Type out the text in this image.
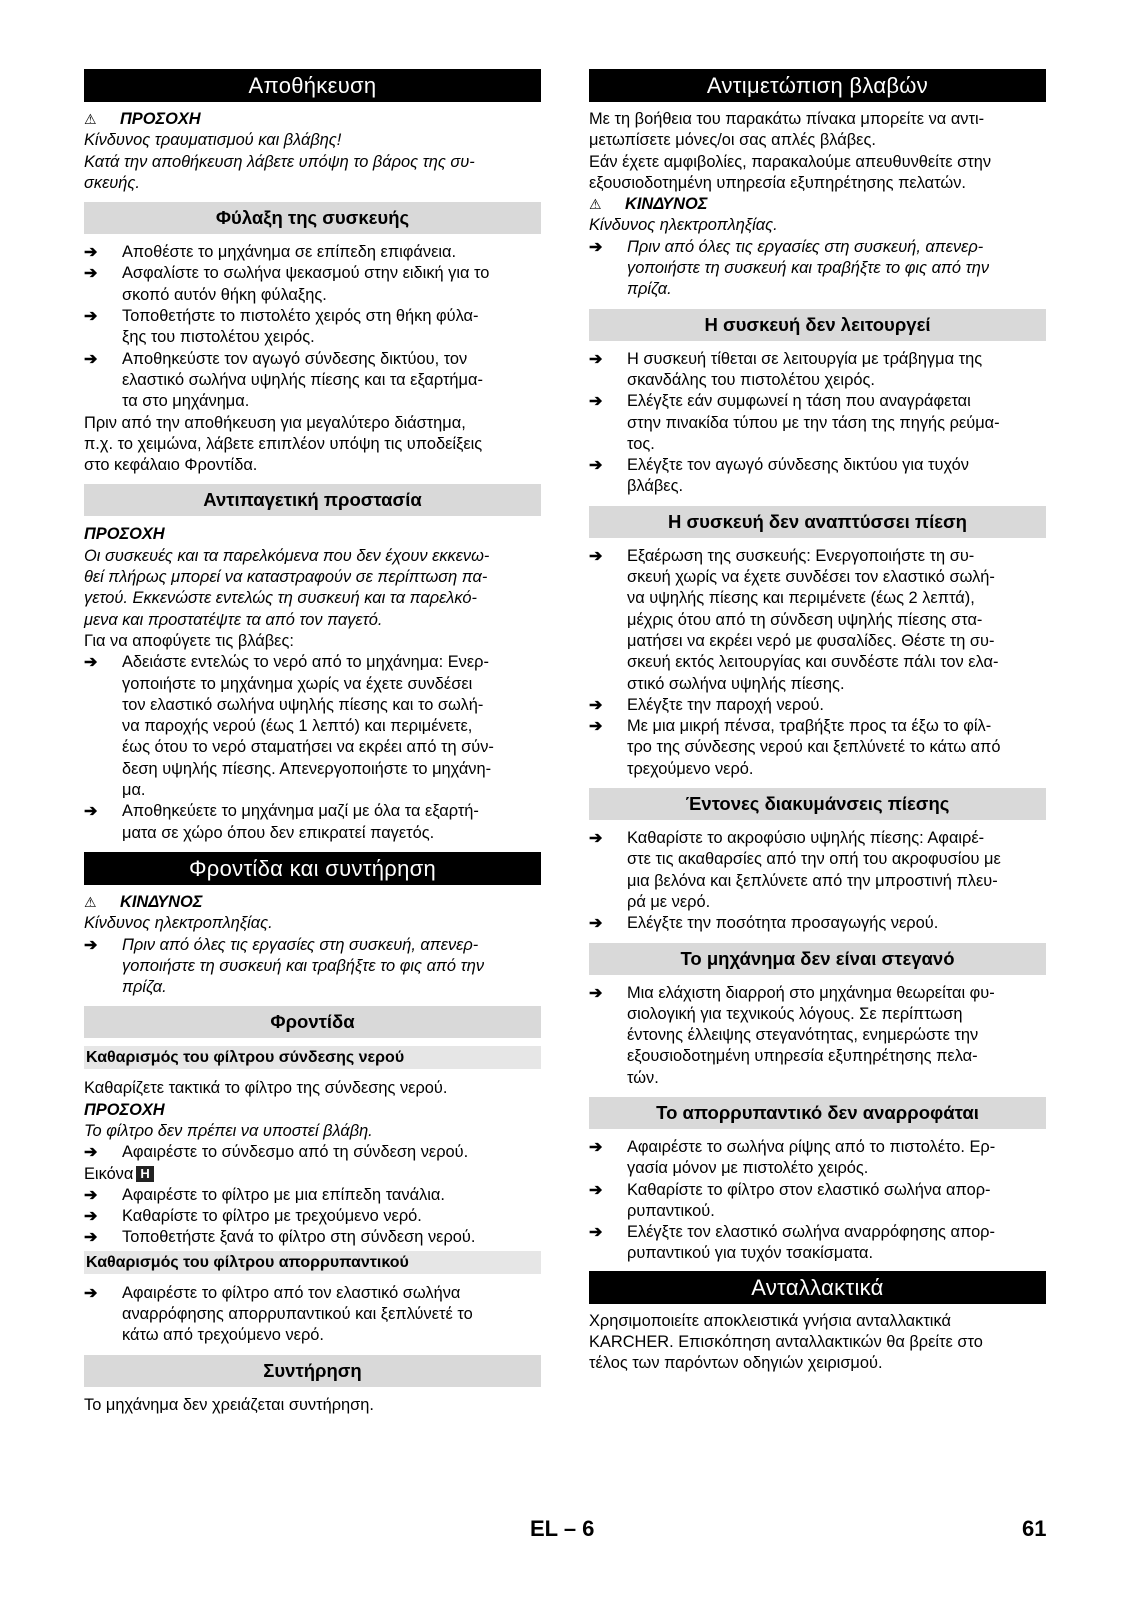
Αποθήκευση
⚠	ΠΡΟΣΟΧΗ
Κίνδυνος τραυματισμού και βλάβης!
Κατά την αποθήκευση λάβετε υπόψη το βάρος της συ-
σκευής.
Φύλαξη της συσκευής
➔	Αποθέστε το μηχάνημα σε επίπεδη επιφάνεια.
➔	Ασφαλίστε το σωλήνα ψεκασμού στην ειδική για το
σκοπό αυτόν θήκη φύλαξης.
➔	Τοποθετήστε το πιστολέτο χειρός στη θήκη φύλα-
ξης του πιστολέτου χειρός.
➔	Αποθηκεύστε τον αγωγό σύνδεσης δικτύου, τον
ελαστικό σωλήνα υψηλής πίεσης και τα εξαρτήμα-
τα στο μηχάνημα.
Πριν από την αποθήκευση για μεγαλύτερο διάστημα,
π.χ. το χειμώνα, λάβετε επιπλέον υπόψη τις υποδείξεις
στο κεφάλαιο Φροντίδα.
Αντιπαγετική προστασία
ΠΡΟΣΟΧΗ
Οι συσκευές και τα παρελκόμενα που δεν έχουν εκκενω-
θεί πλήρως μπορεί να καταστραφούν σε περίπτωση πα-
γετού. Εκκενώστε εντελώς τη συσκευή και τα παρελκό-
μενα και προστατέψτε τα από τον παγετό.
Για να αποφύγετε τις βλάβες:
➔	Αδειάστε εντελώς το νερό από το μηχάνημα: Ενερ-
γοποιήστε το μηχάνημα χωρίς να έχετε συνδέσει
τον ελαστικό σωλήνα υψηλής πίεσης και το σωλή-
να παροχής νερού (έως 1 λεπτό) και περιμένετε,
έως ότου το νερό σταματήσει να εκρέει από τη σύν-
δεση υψηλής πίεσης. Απενεργοποιήστε το μηχάνη-
μα.
➔	Αποθηκεύετε το μηχάνημα μαζί με όλα τα εξαρτή-
ματα σε χώρο όπου δεν επικρατεί παγετός.
Φροντίδα και συντήρηση
⚠	ΚΙΝΔΥΝΟΣ
Κίνδυνος ηλεκτροπληξίας.
➔	Πριν από όλες τις εργασίες στη συσκευή, απενερ-
γοποιήστε τη συσκευή και τραβήξτε το φις από την
πρίζα.
Φροντίδα
Καθαρισμός του φίλτρου σύνδεσης νερού
Καθαρίζετε τακτικά το φίλτρο της σύνδεσης νερού.
ΠΡΟΣΟΧΗ
Το φίλτρο δεν πρέπει να υποστεί βλάβη.
➔	Αφαιρέστε το σύνδεσμο από τη σύνδεση νερού.
Εικόνα H
➔	Αφαιρέστε το φίλτρο με μια επίπεδη τανάλια.
➔	Καθαρίστε το φίλτρο με τρεχούμενο νερό.
➔	Τοποθετήστε ξανά το φίλτρο στη σύνδεση νερού.
Καθαρισμός του φίλτρου απορρυπαντικού
➔	Αφαιρέστε το φίλτρο από τον ελαστικό σωλήνα
αναρρόφησης απορρυπαντικού και ξεπλύνετέ το
κάτω από τρεχούμενο νερό.
Συντήρηση
Το μηχάνημα δεν χρειάζεται συντήρηση.
Αντιμετώπιση βλαβών
Με τη βοήθεια του παρακάτω πίνακα μπορείτε να αντι-
μετωπίσετε μόνες/οι σας απλές βλάβες.
Εάν έχετε αμφιβολίες, παρακαλούμε απευθυνθείτε στην
εξουσιοδοτημένη υπηρεσία εξυπηρέτησης πελατών.
⚠	ΚΙΝΔΥΝΟΣ
Κίνδυνος ηλεκτροπληξίας.
➔	Πριν από όλες τις εργασίες στη συσκευή, απενερ-
γοποιήστε τη συσκευή και τραβήξτε το φις από την
πρίζα.
Η συσκευή δεν λειτουργεί
➔	Η συσκευή τίθεται σε λειτουργία με τράβηγμα της
σκανδάλης του πιστολέτου χειρός.
➔	Ελέγξτε εάν συμφωνεί η τάση που αναγράφεται
στην πινακίδα τύπου με την τάση της πηγής ρεύμα-
τος.
➔	Ελέγξτε τον αγωγό σύνδεσης δικτύου για τυχόν
βλάβες.
Η συσκευή δεν αναπτύσσει πίεση
➔	Εξαέρωση της συσκευής: Ενεργοποιήστε τη συ-
σκευή χωρίς να έχετε συνδέσει τον ελαστικό σωλή-
να υψηλής πίεσης και περιμένετε (έως 2 λεπτά),
μέχρις ότου από τη σύνδεση υψηλής πίεσης στα-
ματήσει να εκρέει νερό με φυσαλίδες. Θέστε τη συ-
σκευή εκτός λειτουργίας και συνδέστε πάλι τον ελα-
στικό σωλήνα υψηλής πίεσης.
➔	Ελέγξτε την παροχή νερού.
➔	Με μια μικρή πένσα, τραβήξτε προς τα έξω το φίλ-
τρο της σύνδεσης νερού και ξεπλύνετέ το κάτω από
τρεχούμενο νερό.
Έντονες διακυμάνσεις πίεσης
➔	Καθαρίστε το ακροφύσιο υψηλής πίεσης: Αφαιρέ-
στε τις ακαθαρσίες από την οπή του ακροφυσίου με
μια βελόνα και ξεπλύνετε από την μπροστινή πλευ-
ρά με νερό.
➔	Ελέγξτε την ποσότητα προσαγωγής νερού.
Το μηχάνημα δεν είναι στεγανό
➔	Μια ελάχιστη διαρροή στο μηχάνημα θεωρείται φυ-
σιολογική για τεχνικούς λόγους. Σε περίπτωση
έντονης έλλειψης στεγανότητας, ενημερώστε την
εξουσιοδοτημένη υπηρεσία εξυπηρέτησης πελα-
τών.
Το απορρυπαντικό δεν αναρροφάται
➔	Αφαιρέστε το σωλήνα ρίψης από το πιστολέτο. Ερ-
γασία μόνον με πιστολέτο χειρός.
➔	Καθαρίστε το φίλτρο στον ελαστικό σωλήνα απορ-
ρυπαντικού.
➔	Ελέγξτε τον ελαστικό σωλήνα αναρρόφησης απορ-
ρυπαντικού για τυχόν τσακίσματα.
Ανταλλακτικά
Χρησιμοποιείτε αποκλειστικά γνήσια ανταλλακτικά
KARCHER. Επισκόπηση ανταλλακτικών θα βρείτε στο
τέλος των παρόντων οδηγιών χειρισμού.
EL – 6	61
